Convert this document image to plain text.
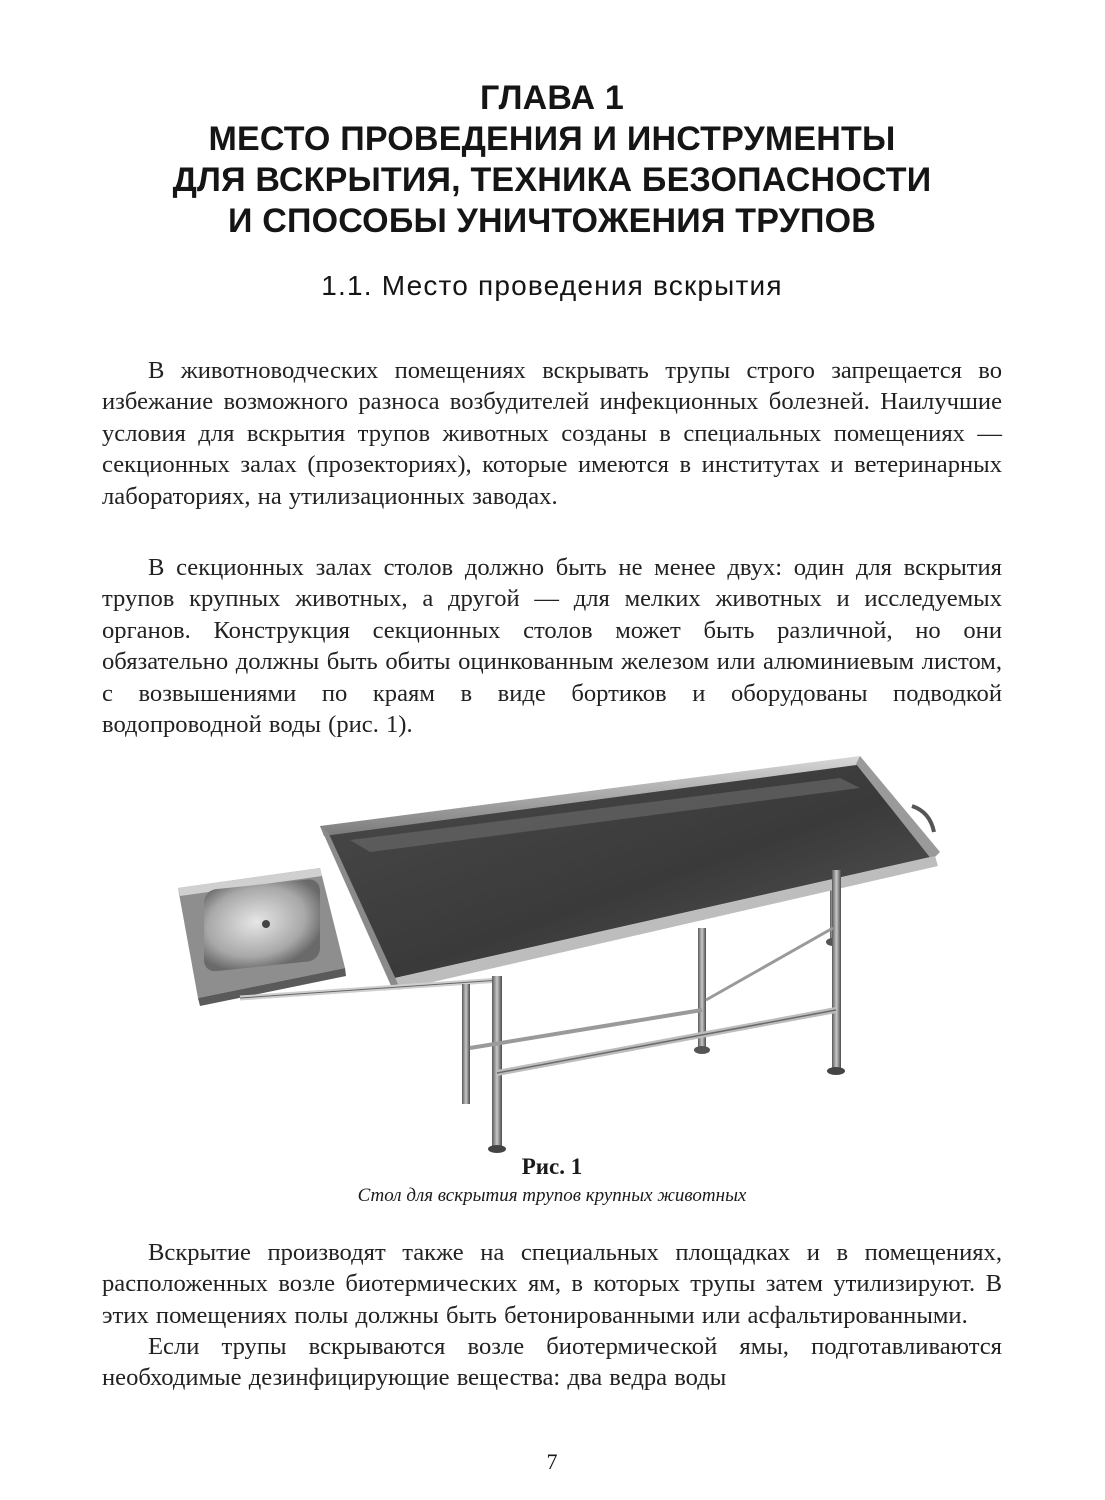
ГЛАВА 1
МЕСТО ПРОВЕДЕНИЯ И ИНСТРУМЕНТЫ
ДЛЯ ВСКРЫТИЯ, ТЕХНИКА БЕЗОПАСНОСТИ
И СПОСОБЫ УНИЧТОЖЕНИЯ ТРУПОВ
1.1. Место проведения вскрытия

В животноводческих помещениях вскрывать трупы строго запрещается во избежание возможного разноса возбудителей инфекционных болезней. Наилучшие условия для вскрытия трупов животных созданы в специальных помещениях — секционных залах (прозекториях), которые имеются в институтах и ветеринарных лабораториях, на утилизационных заводах.

В секционных залах столов должно быть не менее двух: один для вскрытия трупов крупных животных, а другой — для мелких животных и исследуемых органов. Конструкция секционных столов может быть различной, но они обязательно должны быть обиты оцинкованным железом или алюминиевым листом, с возвышениями по краям в виде бортиков и оборудованы подводкой водопроводной воды (рис. 1).

Рис. 1
Стол для вскрытия трупов крупных животных

Вскрытие производят также на специальных площадках и в помещениях, расположенных возле биотермических ям, в которых трупы затем утилизируют. В этих помещениях полы должны быть бетонированными или асфальтированными.

Если трупы вскрываются возле биотермической ямы, подготавливаются необходимые дезинфицирующие вещества: два ведра воды

7
